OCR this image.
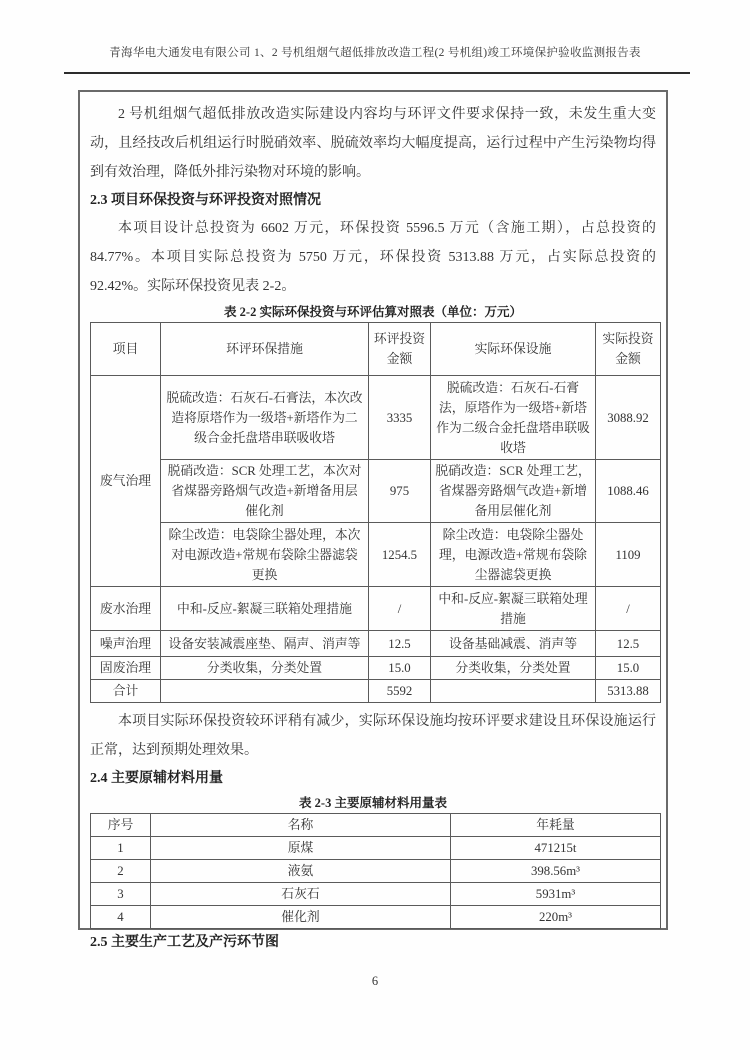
青海华电大通发电有限公司 1、2 号机组烟气超低排放改造工程(2 号机组)竣工环境保护验收监测报告表

2 号机组烟气超低排放改造实际建设内容均与环评文件要求保持一致，未发生重大变动，且经技改后机组运行时脱硝效率、脱硫效率均大幅度提高，运行过程中产生污染物均得到有效治理，降低外排污染物对环境的影响。

2.3 项目环保投资与环评投资对照情况

本项目设计总投资为 6602 万元，环保投资 5596.5 万元（含施工期），占总投资的 84.77%。本项目实际总投资为 5750 万元，环保投资 5313.88 万元，占实际总投资的 92.42%。实际环保投资见表 2-2。

表 2-2 实际环保投资与环评估算对照表（单位：万元）

项目	环评环保措施	环评投资金额	实际环保设施	实际投资金额
废气治理	脱硫改造：石灰石-石膏法，本次改造将原塔作为一级塔+新塔作为二级合金托盘塔串联吸收塔	3335	脱硫改造：石灰石-石膏法，原塔作为一级塔+新塔作为二级合金托盘塔串联吸收塔	3088.92
	脱硝改造：SCR 处理工艺，本次对省煤器旁路烟气改造+新增备用层催化剂	975	脱硝改造：SCR 处理工艺，省煤器旁路烟气改造+新增备用层催化剂	1088.46
	除尘改造：电袋除尘器处理，本次对电源改造+常规布袋除尘器滤袋更换	1254.5	除尘改造：电袋除尘器处理，电源改造+常规布袋除尘器滤袋更换	1109
废水治理	中和-反应-絮凝三联箱处理措施	/	中和-反应-絮凝三联箱处理措施	/
噪声治理	设备安装减震座垫、隔声、消声等	12.5	设备基础减震、消声等	12.5
固废治理	分类收集，分类处置	15.0	分类收集，分类处置	15.0
合计		5592		5313.88

本项目实际环保投资较环评稍有减少，实际环保设施均按环评要求建设且环保设施运行正常，达到预期处理效果。

2.4 主要原辅材料用量

表 2-3 主要原辅材料用量表

序号	名称	年耗量
1	原煤	471215t
2	液氨	398.56m³
3	石灰石	5931m³
4	催化剂	220m³

2.5 主要生产工艺及产污环节图

6
